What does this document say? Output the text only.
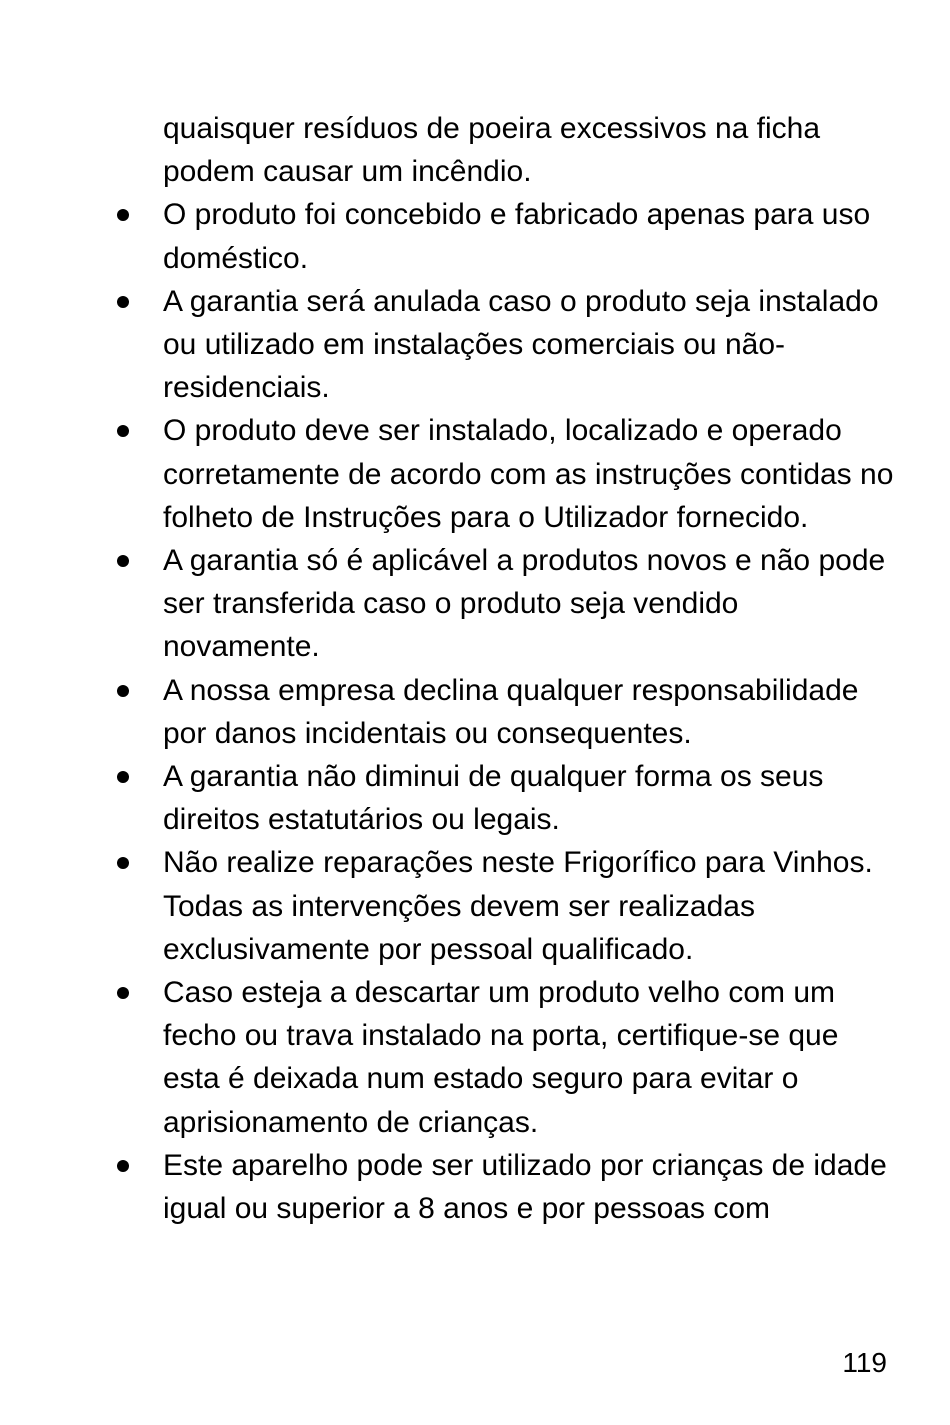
quaisquer resíduos de poeira excessivos na ficha podem causar um incêndio.

O produto foi concebido e fabricado apenas para uso doméstico.
A garantia será anulada caso o produto seja instalado ou utilizado em instalações comerciais ou não-residenciais.
O produto deve ser instalado, localizado e operado corretamente de acordo com as instruções contidas no folheto de Instruções para o Utilizador fornecido.
A garantia só é aplicável a produtos novos e não pode ser transferida caso o produto seja vendido novamente.
A nossa empresa declina qualquer responsabilidade por danos incidentais ou consequentes.
A garantia não diminui de qualquer forma os seus direitos estatutários ou legais.
Não realize reparações neste Frigorífico para Vinhos. Todas as intervenções devem ser realizadas exclusivamente por pessoal qualificado.
Caso esteja a descartar um produto velho com um fecho ou trava instalado na porta, certifique-se que esta é deixada num estado seguro para evitar o aprisionamento de crianças.
Este aparelho pode ser utilizado por crianças de idade igual ou superior a 8 anos e por pessoas com
119
